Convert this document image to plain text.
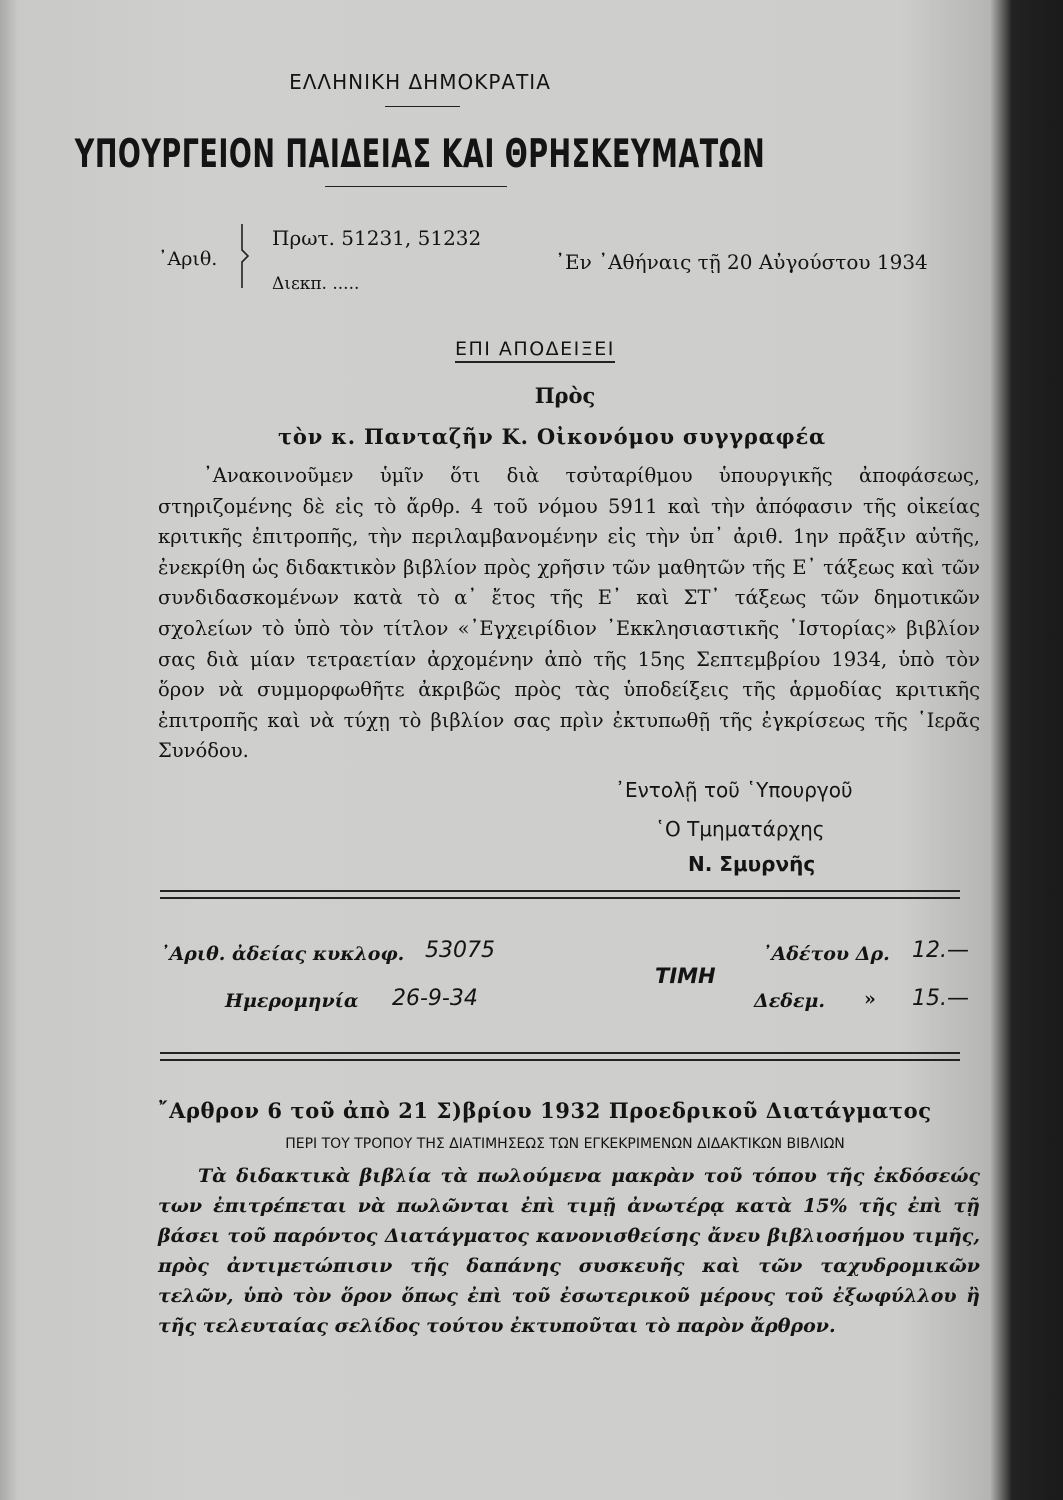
ΕΛΛΗΝΙΚΗ ΔΗΜΟΚΡΑΤΙΑ
ΥΠΟΥΡΓΕΙΟΝ ΠΑΙΔΕΙΑΣ ΚΑΙ ΘΡΗΣΚΕΥΜΑΤΩΝ
᾽Αριθ.
Πρωτ. 51231, 51232
Διεκπ. .....
᾽Εν ᾽Αθήναις τῇ 20 Αὐγούστου 1934
ΕΠΙ ΑΠΟΔΕΙΞΕΙ
Πρὸς
τὸν κ. Πανταζῆν Κ. Οἰκονόμου συγγραφέα
᾽Ανακοινοῦμεν ὑμῖν ὅτι διὰ τσὐταρίθμου ὑπουργικῆς ἀποφάσεως, στηριζομένης δὲ εἰς τὸ ἄρθρ. 4 τοῦ νόμου 5911 καὶ τὴν ἀπόφασιν τῆς οἰκείας κριτικῆς ἐπιτροπῆς, τὴν περιλαμβανομένην εἰς τὴν ὑπ᾽ ἀριθ. 1ην πρᾶξιν αὐτῆς, ἐνεκρίθη ὡς διδακτικὸν βιβλίον πρὸς χρῆσιν τῶν μαθητῶν τῆς Ε᾽ τάξεως καὶ τῶν συνδιδασκομένων κατὰ τὸ α᾽ ἔτος τῆς Ε᾽ καὶ ΣΤ᾽ τάξεως τῶν δημοτικῶν σχολείων τὸ ὑπὸ τὸν τίτλον «᾽Εγχειρίδιον ᾽Εκκλησιαστικῆς ῾Ιστορίας» βιβλίον σας διὰ μίαν τετραετίαν ἀρχομένην ἀπὸ τῆς 15ης Σεπτεμβρίου 1934, ὑπὸ τὸν ὅρον νὰ συμμορφωθῆτε ἀκριβῶς πρὸς τὰς ὑποδείξεις τῆς ἁρμοδίας κριτικῆς ἐπιτροπῆς καὶ νὰ τύχῃ τὸ βιβλίον σας πρὶν ἐκτυπωθῇ τῆς ἐγκρίσεως τῆς ῾Ιερᾶς Συνόδου.
᾽Εντολῇ τοῦ ῾Υπουργοῦ
῾Ο Τμηματάρχης
Ν. Σμυρνῆς
᾽Αριθ. ἀδείας κυκλοφ. 53075
Ημερομηνία 26-9-34
ΤΙΜΗ
᾽Αδέτου Δρ. 12.—
Δεδεμ. » 15.—
῎Αρθρον 6 τοῦ ἀπὸ 21 Σ)βρίου 1932 Προεδρικοῦ Διατάγματος
ΠΕΡΙ ΤΟΥ ΤΡΟΠΟΥ ΤΗΣ ΔΙΑΤΙΜΗΣΕΩΣ ΤΩΝ ΕΓΚΕΚΡΙΜΕΝΩΝ ΔΙΔΑΚΤΙΚΩΝ ΒΙΒΛΙΩΝ
Τὰ διδακτικὰ βιβλία τὰ πωλούμενα μακρὰν τοῦ τόπου τῆς ἐκδόσεώς των ἐπιτρέπεται νὰ πωλῶνται ἐπὶ τιμῇ ἀνωτέρᾳ κατὰ 15% τῆς ἐπὶ τῇ βάσει τοῦ παρόντος Διατάγματος κανονισθείσης ἄνευ βιβλιοσήμου τιμῆς, πρὸς ἀντιμετώπισιν τῆς δαπάνης συσκευῆς καὶ τῶν ταχυδρομικῶν τελῶν, ὑπὸ τὸν ὅρον ὅπως ἐπὶ τοῦ ἐσωτερικοῦ μέρους τοῦ ἐξωφύλλου ἢ τῆς τελευταίας σελίδος τούτου ἐκτυποῦται τὸ παρὸν ἄρθρον.
